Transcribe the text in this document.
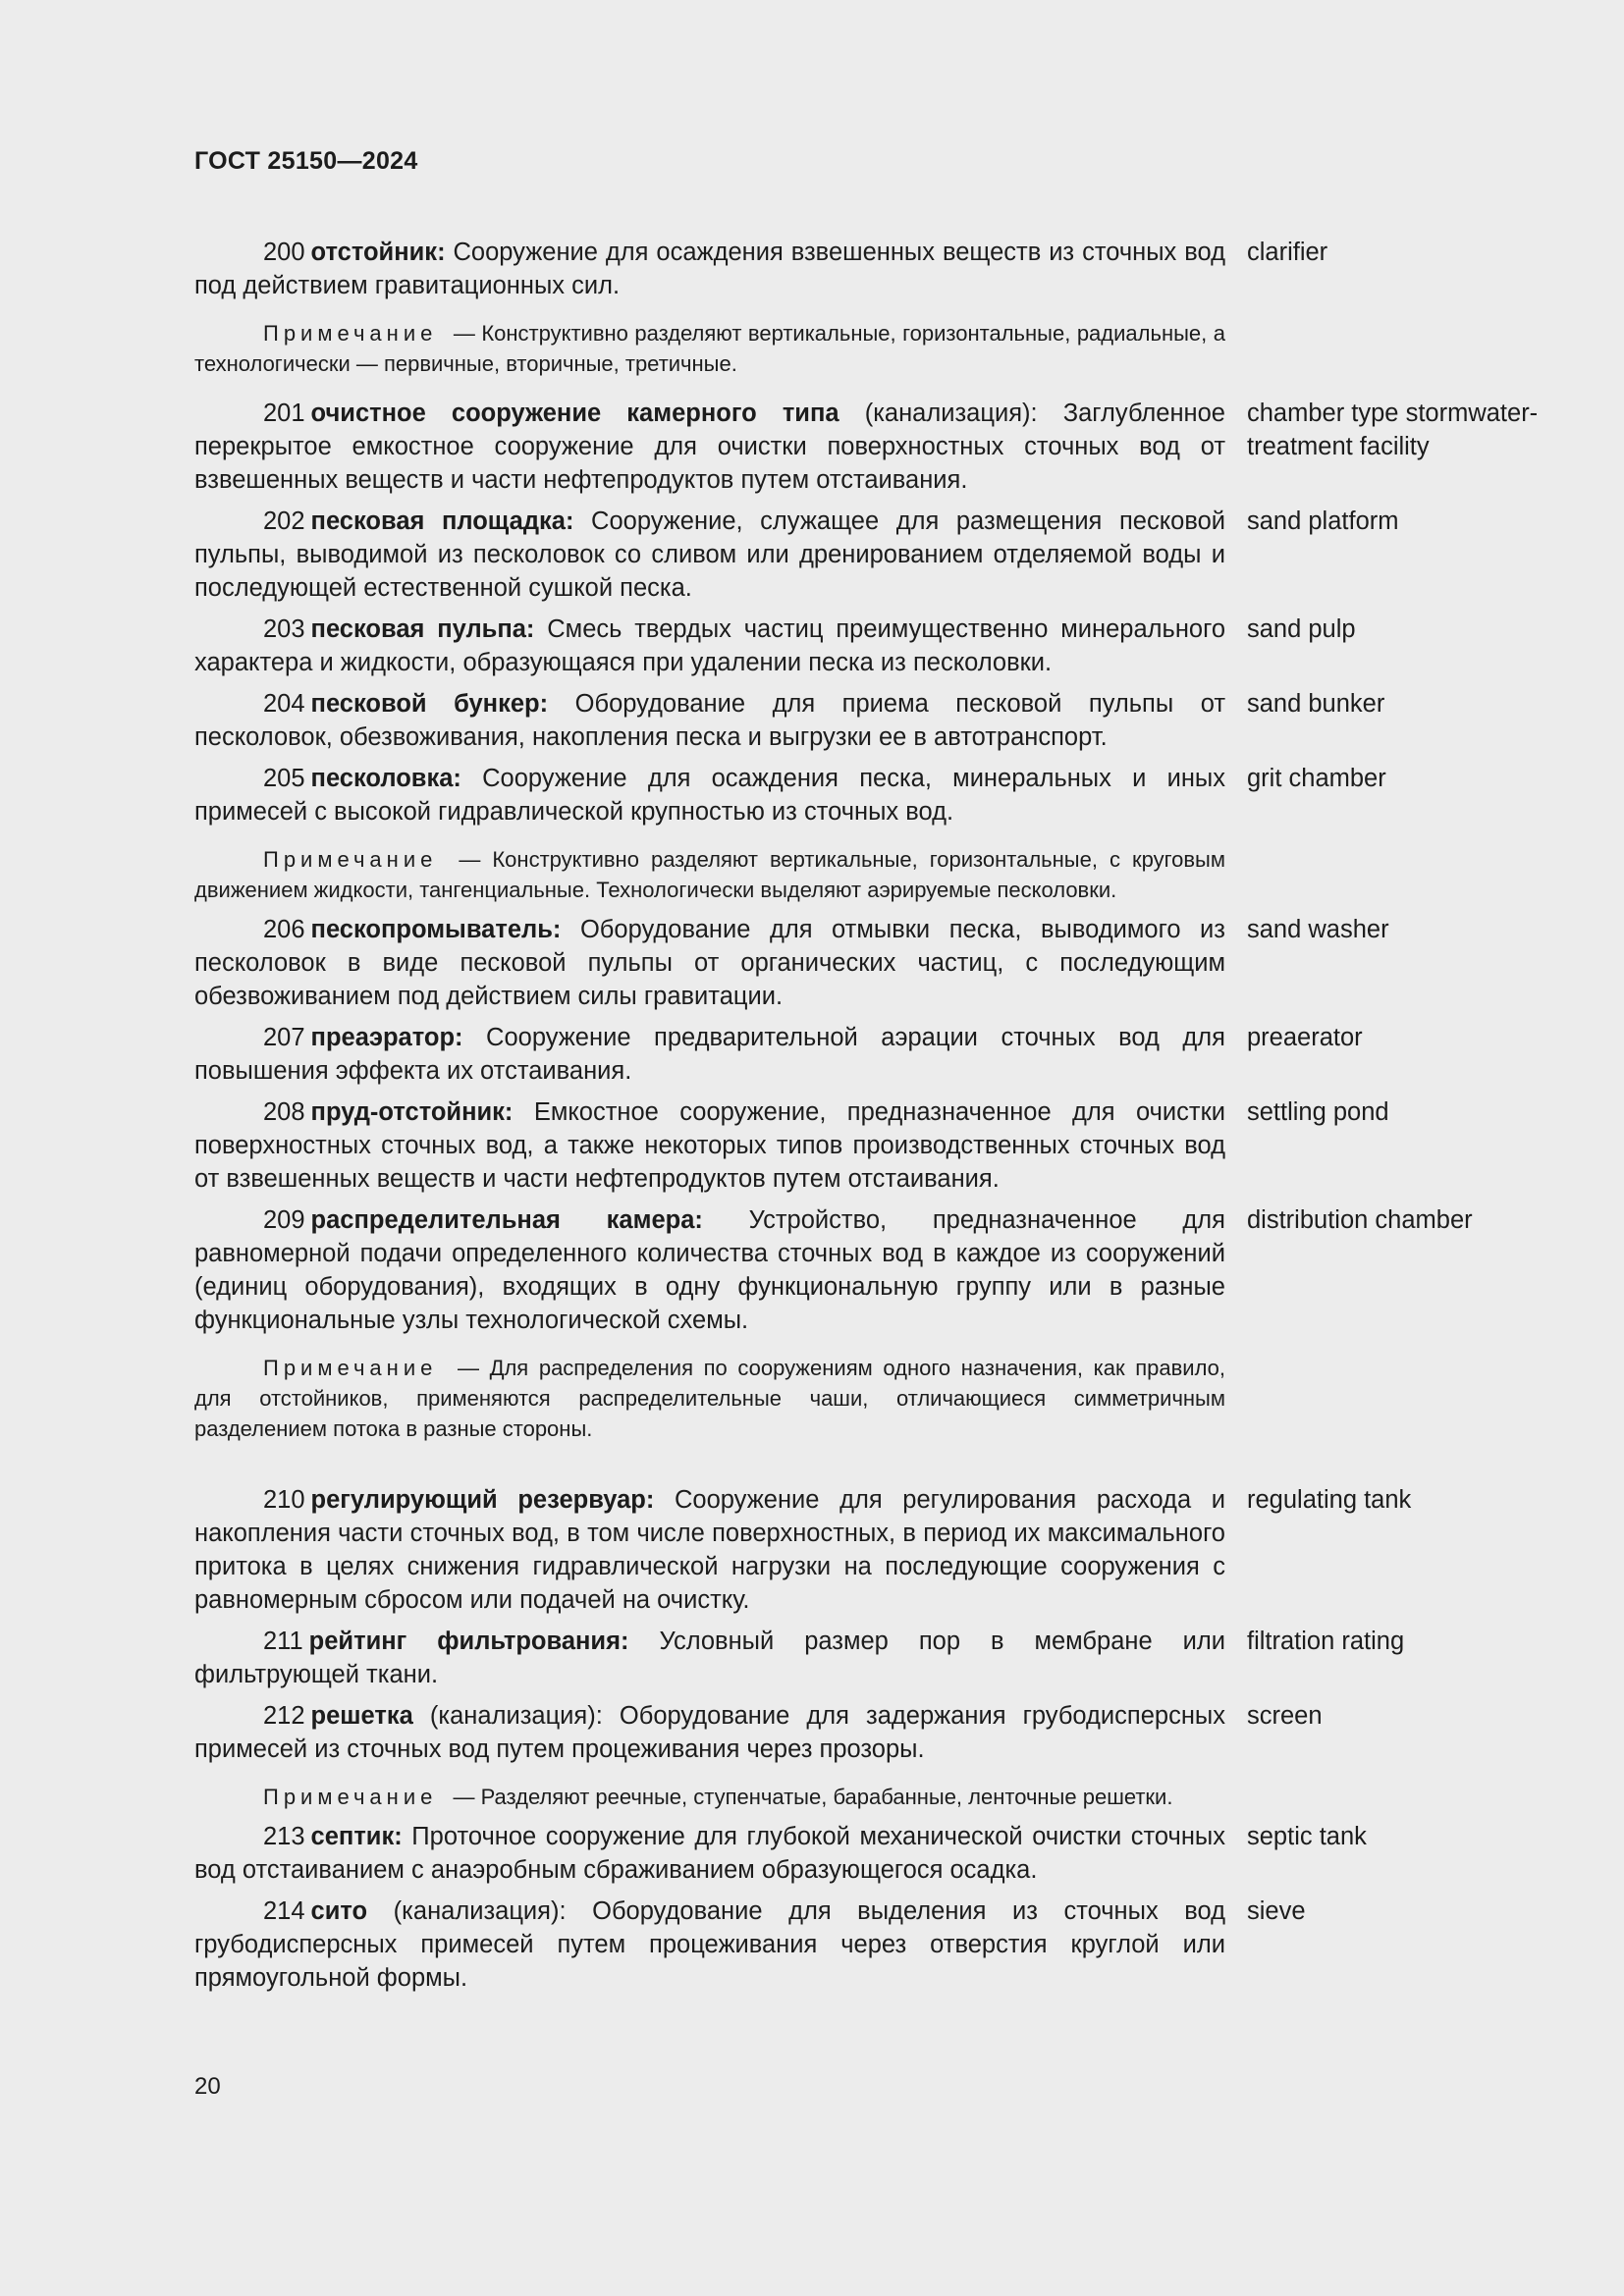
ГОСТ 25150—2024
200 отстойник: Сооружение для осаждения взвешенных веществ из сточных вод под действием гравитационных сил.
clarifier
Примечание — Конструктивно разделяют вертикальные, горизонтальные, радиальные, а технологически — первичные, вторичные, третичные.
201 очистное сооружение камерного типа (канализация): Заглубленное перекрытое емкостное сооружение для очистки поверхностных сточных вод от взвешенных веществ и части нефтепродуктов путем отстаивания.
chamber type stormwater-treatment facility
202 песковая площадка: Сооружение, служащее для размещения песковой пульпы, выводимой из песколовок со сливом или дренированием отделяемой воды и последующей естественной сушкой песка.
sand platform
203 песковая пульпа: Смесь твердых частиц преимущественно минерального характера и жидкости, образующаяся при удалении песка из песколовки.
sand pulp
204 песковой бункер: Оборудование для приема песковой пульпы от песколовок, обезвоживания, накопления песка и выгрузки ее в автотранспорт.
sand bunker
205 песколовка: Сооружение для осаждения песка, минеральных и иных примесей с высокой гидравлической крупностью из сточных вод.
grit chamber
Примечание — Конструктивно разделяют вертикальные, горизонтальные, с круговым движением жидкости, тангенциальные. Технологически выделяют аэрируемые песколовки.
206 пескопромыватель: Оборудование для отмывки песка, выводимого из песколовок в виде песковой пульпы от органических частиц, с последующим обезвоживанием под действием силы гравитации.
sand washer
207 преаэратор: Сооружение предварительной аэрации сточных вод для повышения эффекта их отстаивания.
preaerator
208 пруд-отстойник: Емкостное сооружение, предназначенное для очистки поверхностных сточных вод, а также некоторых типов производственных сточных вод от взвешенных веществ и части нефтепродуктов путем отстаивания.
settling pond
209 распределительная камера: Устройство, предназначенное для равномерной подачи определенного количества сточных вод в каждое из сооружений (единиц оборудования), входящих в одну функциональную группу или в разные функциональные узлы технологической схемы.
distribution chamber
Примечание — Для распределения по сооружениям одного назначения, как правило, для отстойников, применяются распределительные чаши, отличающиеся симметричным разделением потока в разные стороны.
210 регулирующий резервуар: Сооружение для регулирования расхода и накопления части сточных вод, в том числе поверхностных, в период их максимального притока в целях снижения гидравлической нагрузки на последующие сооружения с равномерным сбросом или подачей на очистку.
regulating tank
211 рейтинг фильтрования: Условный размер пор в мембране или фильтрующей ткани.
filtration rating
212 решетка (канализация): Оборудование для задержания грубодисперсных примесей из сточных вод путем процеживания через прозоры.
screen
Примечание — Разделяют реечные, ступенчатые, барабанные, ленточные решетки.
213 септик: Проточное сооружение для глубокой механической очистки сточных вод отстаиванием с анаэробным сбраживанием образующегося осадка.
septic tank
214 сито (канализация): Оборудование для выделения из сточных вод грубодисперсных примесей путем процеживания через отверстия круглой или прямоугольной формы.
sieve
20
